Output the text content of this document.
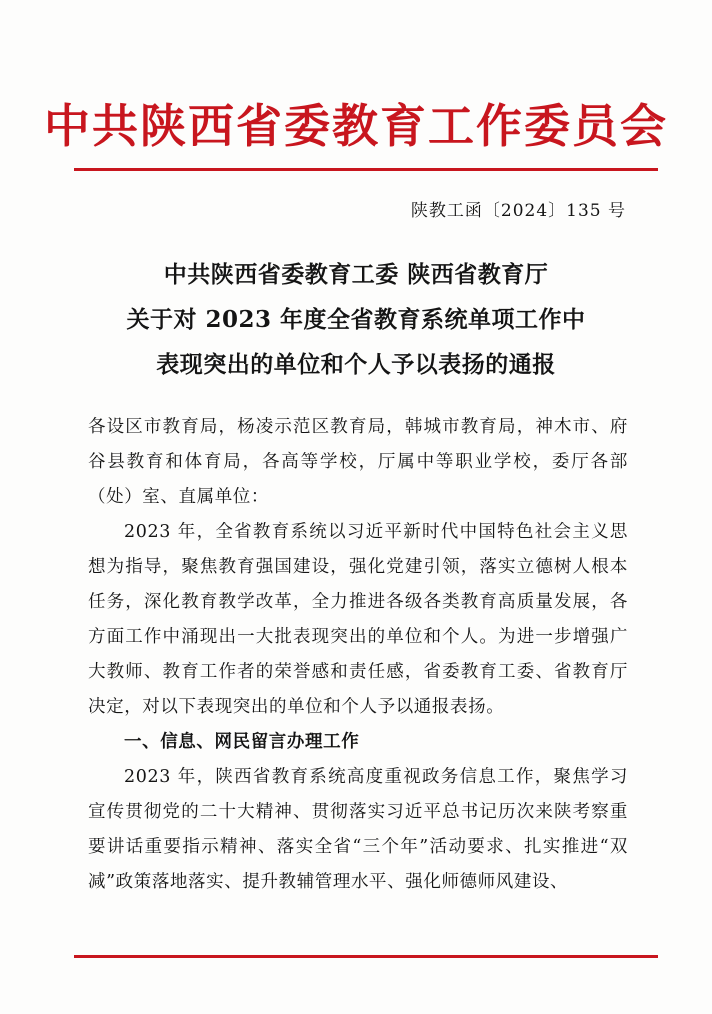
中共陕西省委教育工作委员会
陕教工函〔2024〕135 号
中共陕西省委教育工委 陕西省教育厅
关于对 2023 年度全省教育系统单项工作中
表现突出的单位和个人予以表扬的通报

各设区市教育局，杨凌示范区教育局，韩城市教育局，神木市、府谷县教育和体育局，各高等学校，厅属中等职业学校，委厅各部（处）室、直属单位：

2023 年，全省教育系统以习近平新时代中国特色社会主义思想为指导，聚焦教育强国建设，强化党建引领，落实立德树人根本任务，深化教育教学改革，全力推进各级各类教育高质量发展，各方面工作中涌现出一大批表现突出的单位和个人。为进一步增强广大教师、教育工作者的荣誉感和责任感，省委教育工委、省教育厅决定，对以下表现突出的单位和个人予以通报表扬。

一、信息、网民留言办理工作

2023 年，陕西省教育系统高度重视政务信息工作，聚焦学习宣传贯彻党的二十大精神、贯彻落实习近平总书记历次来陕考察重要讲话重要指示精神、落实全省“三个年”活动要求、扎实推进“双减”政策落地落实、提升教辅管理水平、强化师德师风建设、
